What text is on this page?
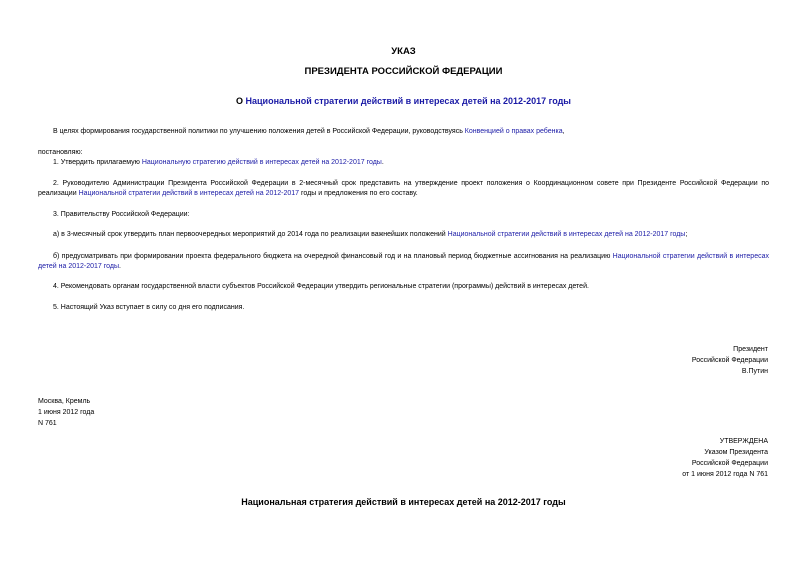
УКАЗ
ПРЕЗИДЕНТА РОССИЙСКОЙ ФЕДЕРАЦИИ
О Национальной стратегии действий в интересах детей на 2012-2017 годы
В целях формирования государственной политики по улучшению положения детей в Российской Федерации, руководствуясь Конвенцией о правах ребенка,
постановляю:
1. Утвердить прилагаемую Национальную стратегию действий в интересах детей на 2012-2017 годы.
2. Руководителю Администрации Президента Российской Федерации в 2-месячный срок представить на утверждение проект положения о Координационном совете при Президенте Российской Федерации по реализации Национальной стратегии действий в интересах детей на 2012-2017 годы и предложения по его составу.
3. Правительству Российской Федерации:
а) в 3-месячный срок утвердить план первоочередных мероприятий до 2014 года по реализации важнейших положений Национальной стратегии действий в интересах детей на 2012-2017 годы;
б) предусматривать при формировании проекта федерального бюджета на очередной финансовый год и на плановый период бюджетные ассигнования на реализацию Национальной стратегии действий в интересах детей на 2012-2017 годы.
4. Рекомендовать органам государственной власти субъектов Российской Федерации утвердить региональные стратегии (программы) действий в интересах детей.
5. Настоящий Указ вступает в силу со дня его подписания.
Президент
Российской Федерации
В.Путин
Москва, Кремль
1 июня 2012 года
N 761
УТВЕРЖДЕНА
Указом Президента
Российской Федерации
от 1 июня 2012 года N 761
Национальная стратегия действий в интересах детей на 2012-2017 годы
